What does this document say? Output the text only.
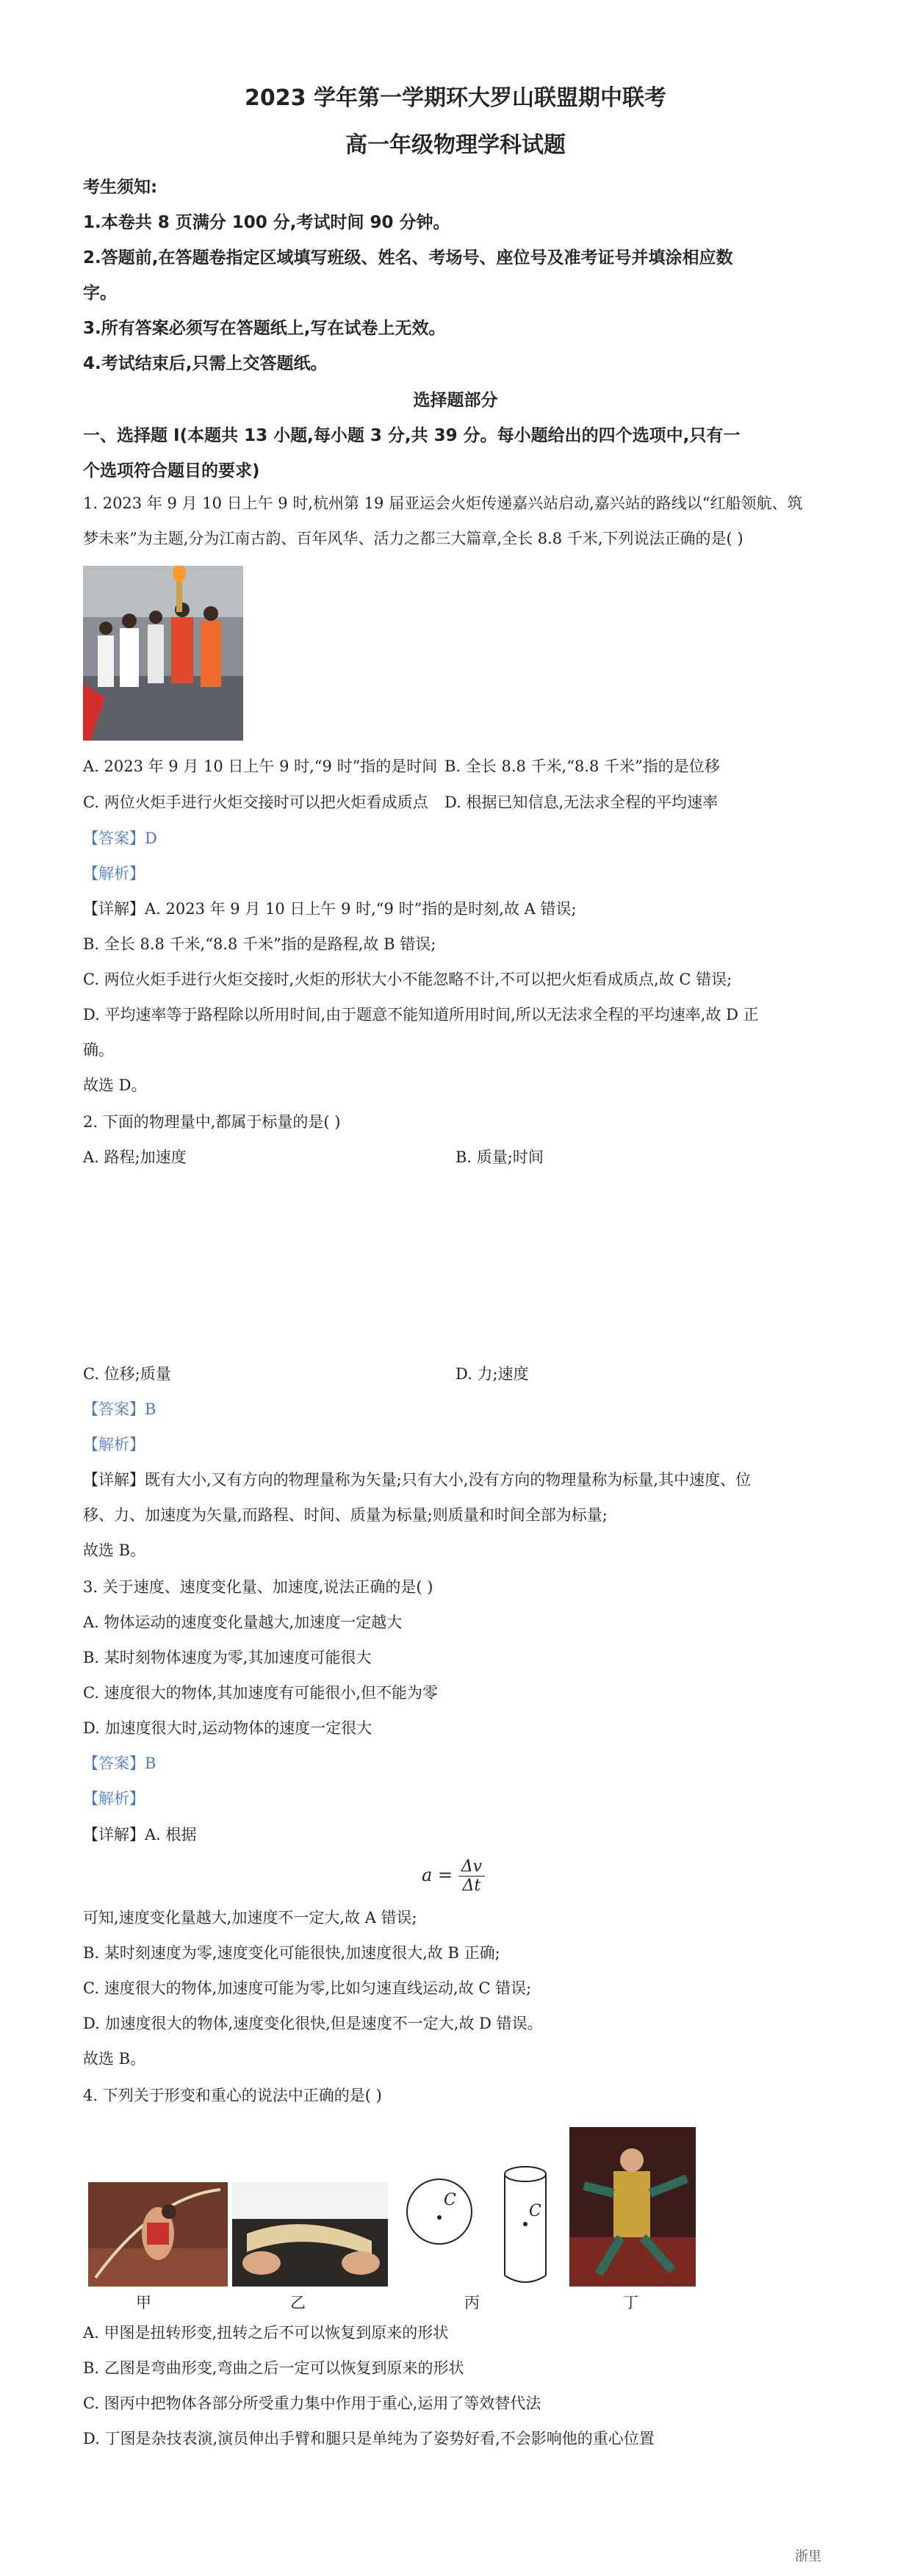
2023 学年第一学期环大罗山联盟期中联考
高一年级物理学科试题
考生须知:
1.本卷共 8 页满分 100 分,考试时间 90 分钟。
2.答题前,在答题卷指定区域填写班级、姓名、考场号、座位号及准考证号并填涂相应数
字。
3.所有答案必须写在答题纸上,写在试卷上无效。
4.考试结束后,只需上交答题纸。
选择题部分
一、选择题 I(本题共 13 小题,每小题 3 分,共 39 分。每小题给出的四个选项中,只有一
个选项符合题目的要求)
1. 2023 年 9 月 10 日上午 9 时,杭州第 19 届亚运会火炬传递嘉兴站启动,嘉兴站的路线以“红船领航、筑
梦未来”为主题,分为江南古韵、百年风华、活力之都三大篇章,全长 8.8 千米,下列说法正确的是( )
A. 2023 年 9 月 10 日上午 9 时,“9 时”指的是时间 B. 全长 8.8 千米,“8.8 千米”指的是位移
C. 两位火炬手进行火炬交接时可以把火炬看成质点 D. 根据已知信息,无法求全程的平均速率
【答案】D
【解析】
【详解】A. 2023 年 9 月 10 日上午 9 时,“9 时”指的是时刻,故 A 错误;
B. 全长 8.8 千米,“8.8 千米”指的是路程,故 B 错误;
C. 两位火炬手进行火炬交接时,火炬的形状大小不能忽略不计,不可以把火炬看成质点,故 C 错误;
D. 平均速率等于路程除以所用时间,由于题意不能知道所用时间,所以无法求全程的平均速率,故 D 正
确。
故选 D。
2. 下面的物理量中,都属于标量的是( )
A. 路程;加速度	B. 质量;时间
C. 位移;质量	D. 力;速度
【答案】B
【解析】
【详解】既有大小,又有方向的物理量称为矢量;只有大小,没有方向的物理量称为标量,其中速度、位
移、力、加速度为矢量,而路程、时间、质量为标量;则质量和时间全部为标量;
故选 B。
3. 关于速度、速度变化量、加速度,说法正确的是( )
A. 物体运动的速度变化量越大,加速度一定越大
B. 某时刻物体速度为零,其加速度可能很大
C. 速度很大的物体,其加速度有可能很小,但不能为零
D. 加速度很大时,运动物体的速度一定很大
【答案】B
【解析】
【详解】A. 根据
$a = \frac{\Delta v}{\Delta t}$
可知,速度变化量越大,加速度不一定大,故 A 错误;
B. 某时刻速度为零,速度变化可能很快,加速度很大,故 B 正确;
C. 速度很大的物体,加速度可能为零,比如匀速直线运动,故 C 错误;
D. 加速度很大的物体,速度变化很快,但是速度不一定大,故 D 错误。
故选 B。
4. 下列关于形变和重心的说法中正确的是( )
C
C
甲	乙	丙	丁
A. 甲图是扭转形变,扭转之后不可以恢复到原来的形状
B. 乙图是弯曲形变,弯曲之后一定可以恢复到原来的形状
C. 图丙中把物体各部分所受重力集中作用于重心,运用了等效替代法
D. 丁图是杂技表演,演员伸出手臂和腿只是单纯为了姿势好看,不会影响他的重心位置
浙里
